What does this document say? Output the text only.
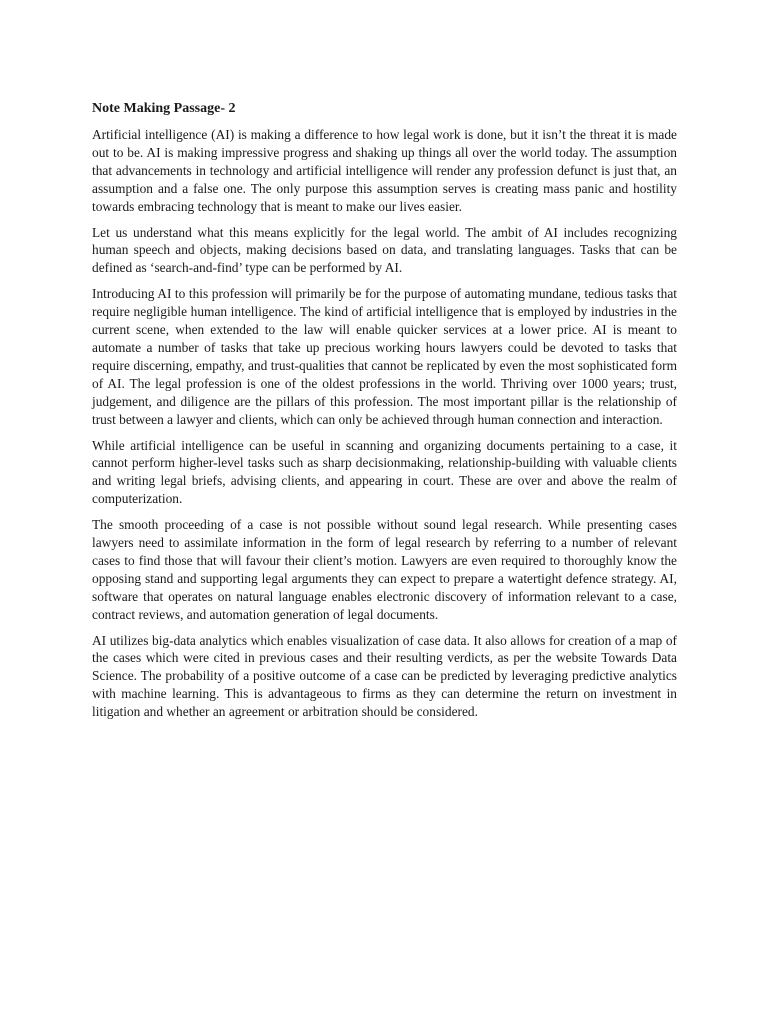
Note Making Passage- 2

Artificial intelligence (AI) is making a difference to how legal work is done, but it isn’t the threat it is made out to be. AI is making impressive progress and shaking up things all over the world today. The assumption that advancements in technology and artificial intelligence will render any profession defunct is just that, an assumption and a false one. The only purpose this assumption serves is creating mass panic and hostility towards embracing technology that is meant to make our lives easier.

Let us understand what this means explicitly for the legal world. The ambit of AI includes recognizing human speech and objects, making decisions based on data, and translating languages. Tasks that can be defined as ‘search-and-find’ type can be performed by AI.

Introducing AI to this profession will primarily be for the purpose of automating mundane, tedious tasks that require negligible human intelligence. The kind of artificial intelligence that is employed by industries in the current scene, when extended to the law will enable quicker services at a lower price. AI is meant to automate a number of tasks that take up precious working hours lawyers could be devoted to tasks that require discerning, empathy, and trust-qualities that cannot be replicated by even the most sophisticated form of AI. The legal profession is one of the oldest professions in the world. Thriving over 1000 years; trust, judgement, and diligence are the pillars of this profession. The most important pillar is the relationship of trust between a lawyer and clients, which can only be achieved through human connection and interaction.

While artificial intelligence can be useful in scanning and organizing documents pertaining to a case, it cannot perform higher-level tasks such as sharp decisionmaking, relationship-building with valuable clients and writing legal briefs, advising clients, and appearing in court. These are over and above the realm of computerization.

The smooth proceeding of a case is not possible without sound legal research. While presenting cases lawyers need to assimilate information in the form of legal research by referring to a number of relevant cases to find those that will favour their client’s motion. Lawyers are even required to thoroughly know the opposing stand and supporting legal arguments they can expect to prepare a watertight defence strategy. AI, software that operates on natural language enables electronic discovery of information relevant to a case, contract reviews, and automation generation of legal documents.

AI utilizes big-data analytics which enables visualization of case data. It also allows for creation of a map of the cases which were cited in previous cases and their resulting verdicts, as per the website Towards Data Science. The probability of a positive outcome of a case can be predicted by leveraging predictive analytics with machine learning. This is advantageous to firms as they can determine the return on investment in litigation and whether an agreement or arbitration should be considered.
